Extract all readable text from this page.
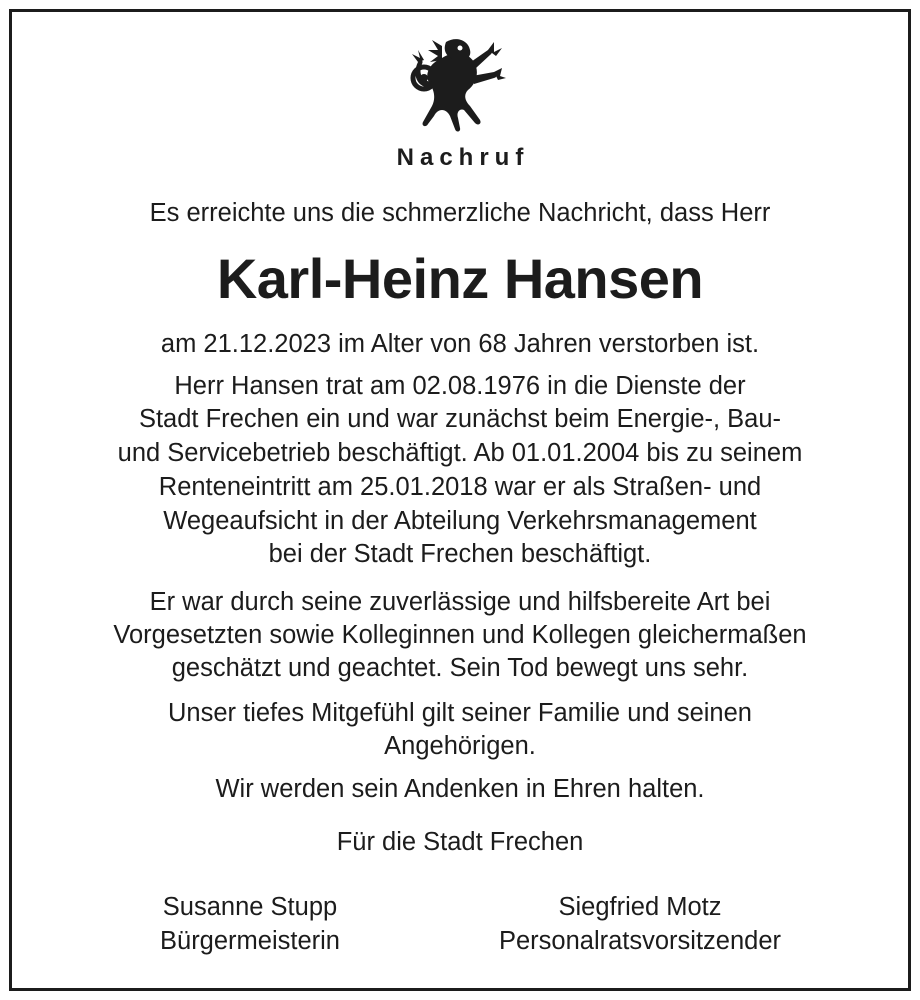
Nachruf
Es erreichte uns die schmerzliche Nachricht, dass Herr
Karl-Heinz Hansen
am 21.12.2023 im Alter von 68 Jahren verstorben ist.
Herr Hansen trat am 02.08.1976 in die Dienste der
Stadt Frechen ein und war zunächst beim Energie-, Bau-
und Servicebetrieb beschäftigt. Ab 01.01.2004 bis zu seinem
Renteneintritt am 25.01.2018 war er als Straßen- und
Wegeaufsicht in der Abteilung Verkehrsmanagement
bei der Stadt Frechen beschäftigt.
Er war durch seine zuverlässige und hilfsbereite Art bei
Vorgesetzten sowie Kolleginnen und Kollegen gleichermaßen
geschätzt und geachtet. Sein Tod bewegt uns sehr.
Unser tiefes Mitgefühl gilt seiner Familie und seinen
Angehörigen.
Wir werden sein Andenken in Ehren halten.
Für die Stadt Frechen
Susanne Stupp
Bürgermeisterin
Siegfried Motz
Personalratsvorsitzender
